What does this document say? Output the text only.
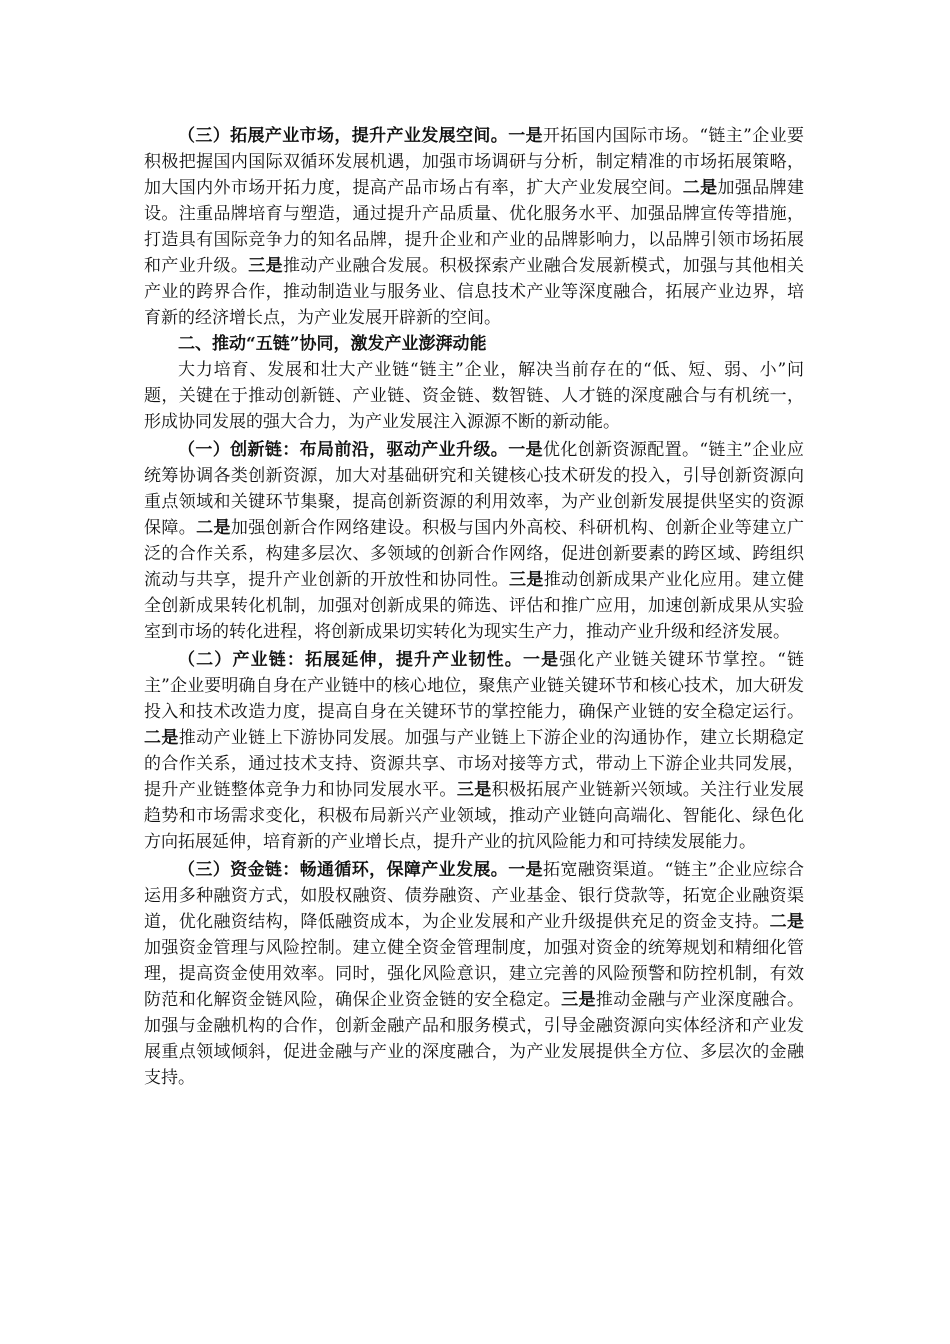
（三）拓展产业市场，提升产业发展空间。一是开拓国内国际市场。“链主”企业要积极把握国内国际双循环发展机遇，加强市场调研与分析，制定精准的市场拓展策略，加大国内外市场开拓力度，提高产品市场占有率，扩大产业发展空间。二是加强品牌建设。注重品牌培育与塑造，通过提升产品质量、优化服务水平、加强品牌宣传等措施，打造具有国际竞争力的知名品牌，提升企业和产业的品牌影响力，以品牌引领市场拓展和产业升级。三是推动产业融合发展。积极探索产业融合发展新模式，加强与其他相关产业的跨界合作，推动制造业与服务业、信息技术产业等深度融合，拓展产业边界，培育新的经济增长点，为产业发展开辟新的空间。

二、推动“五链”协同，激发产业澎湃动能

大力培育、发展和壮大产业链“链主”企业，解决当前存在的“低、短、弱、小”问题，关键在于推动创新链、产业链、资金链、数智链、人才链的深度融合与有机统一，形成协同发展的强大合力，为产业发展注入源源不断的新动能。

（一）创新链：布局前沿，驱动产业升级。一是优化创新资源配置。“链主”企业应统筹协调各类创新资源，加大对基础研究和关键核心技术研发的投入，引导创新资源向重点领域和关键环节集聚，提高创新资源的利用效率，为产业创新发展提供坚实的资源保障。二是加强创新合作网络建设。积极与国内外高校、科研机构、创新企业等建立广泛的合作关系，构建多层次、多领域的创新合作网络，促进创新要素的跨区域、跨组织流动与共享，提升产业创新的开放性和协同性。三是推动创新成果产业化应用。建立健全创新成果转化机制，加强对创新成果的筛选、评估和推广应用，加速创新成果从实验室到市场的转化进程，将创新成果切实转化为现实生产力，推动产业升级和经济发展。

（二）产业链：拓展延伸，提升产业韧性。一是强化产业链关键环节掌控。“链主”企业要明确自身在产业链中的核心地位，聚焦产业链关键环节和核心技术，加大研发投入和技术改造力度，提高自身在关键环节的掌控能力，确保产业链的安全稳定运行。二是推动产业链上下游协同发展。加强与产业链上下游企业的沟通协作，建立长期稳定的合作关系，通过技术支持、资源共享、市场对接等方式，带动上下游企业共同发展，提升产业链整体竞争力和协同发展水平。三是积极拓展产业链新兴领域。关注行业发展趋势和市场需求变化，积极布局新兴产业领域，推动产业链向高端化、智能化、绿色化方向拓展延伸，培育新的产业增长点，提升产业的抗风险能力和可持续发展能力。

（三）资金链：畅通循环，保障产业发展。一是拓宽融资渠道。“链主”企业应综合运用多种融资方式，如股权融资、债券融资、产业基金、银行贷款等，拓宽企业融资渠道，优化融资结构，降低融资成本，为企业发展和产业升级提供充足的资金支持。二是加强资金管理与风险控制。建立健全资金管理制度，加强对资金的统筹规划和精细化管理，提高资金使用效率。同时，强化风险意识，建立完善的风险预警和防控机制，有效防范和化解资金链风险，确保企业资金链的安全稳定。三是推动金融与产业深度融合。加强与金融机构的合作，创新金融产品和服务模式，引导金融资源向实体经济和产业发展重点领域倾斜，促进金融与产业的深度融合，为产业发展提供全方位、多层次的金融支持。
